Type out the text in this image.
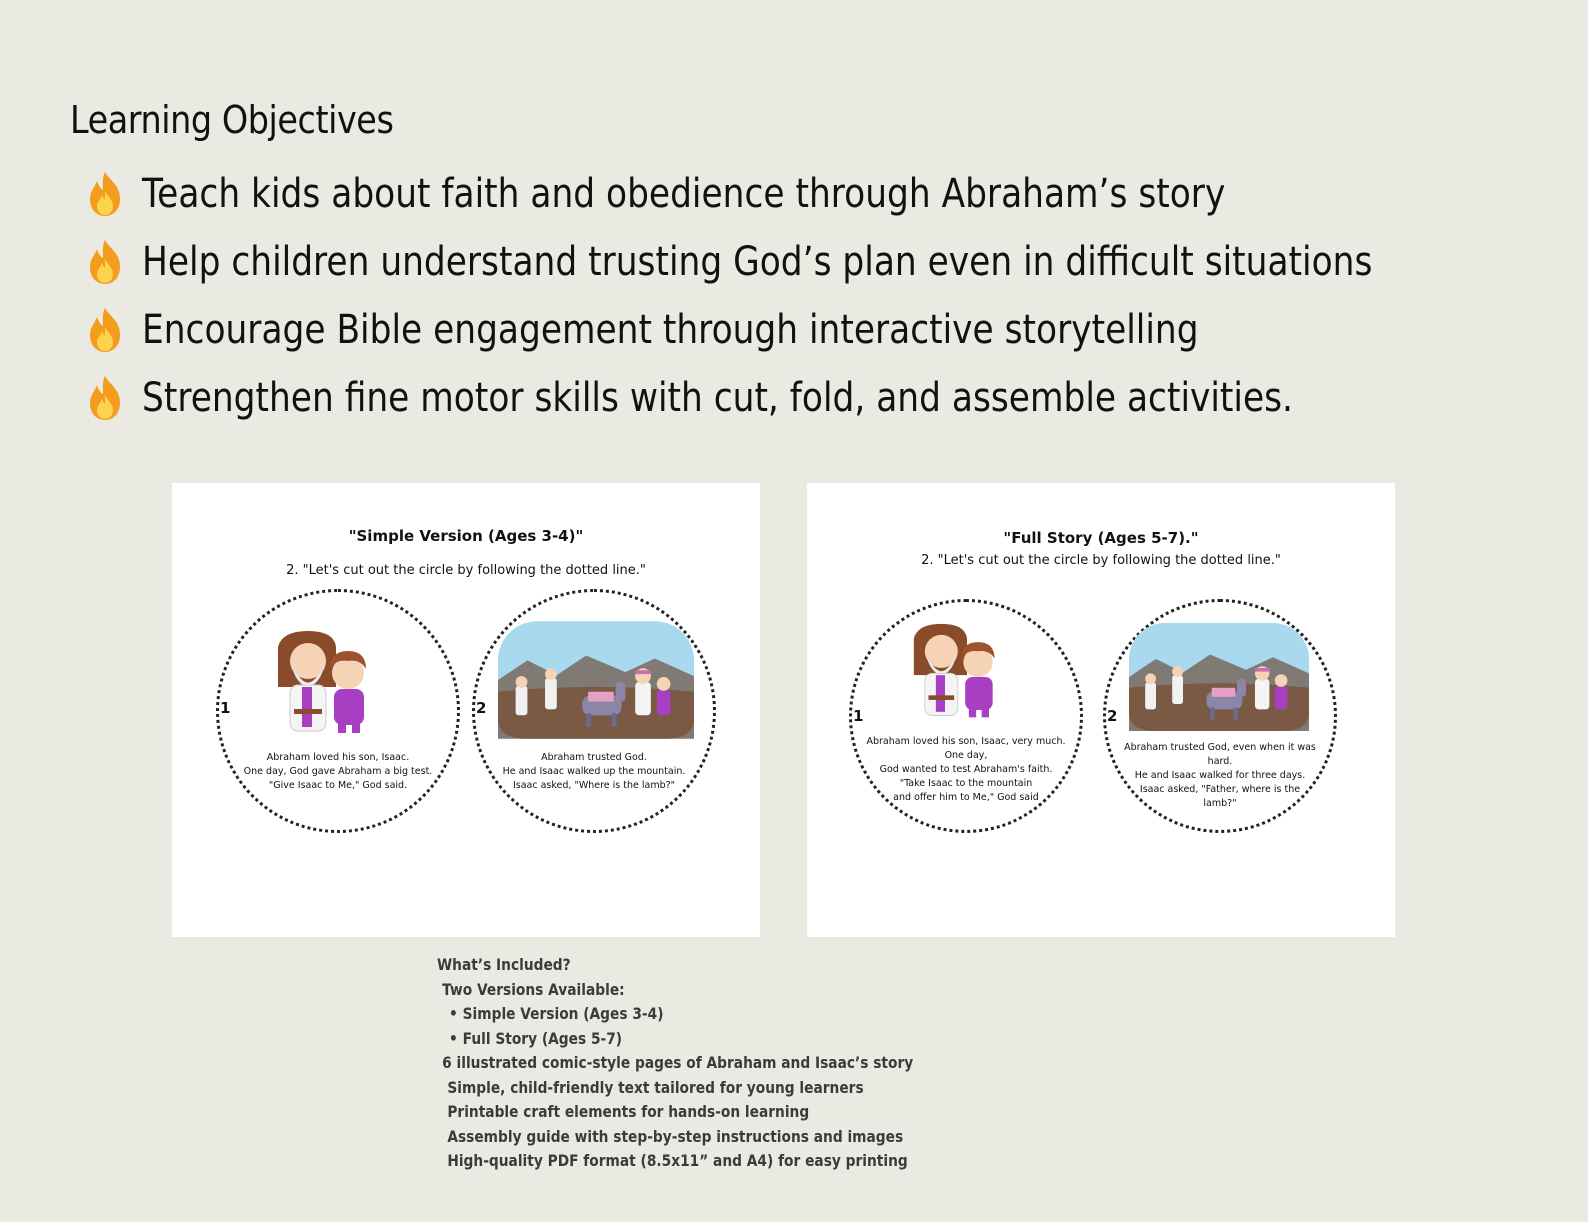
Learning Objectives
Teach kids about faith and obedience through Abraham’s story
Help children understand trusting God’s plan even in difficult situations
Encourage Bible engagement through interactive storytelling
Strengthen fine motor skills with cut, fold, and assemble activities.
"Simple Version (Ages 3-4)"
2. "Let's cut out the circle by following the dotted line."
1
Abraham loved his son, Isaac.
One day, God gave Abraham a big test.
"Give Isaac to Me," God said.
2
Abraham trusted God.
He and Isaac walked up the mountain.
Isaac asked, "Where is the lamb?"
"Full Story (Ages 5-7)."
2. "Let's cut out the circle by following the dotted line."
1
Abraham loved his son, Isaac, very much.
One day,
God wanted to test Abraham's faith.
"Take Isaac to the mountain
and offer him to Me," God said
2
Abraham trusted God, even when it was
hard.
He and Isaac walked for three days.
Isaac asked, "Father, where is the
lamb?"
What’s Included?
Two Versions Available:
• Simple Version (Ages 3-4)
• Full Story (Ages 5-7)
6 illustrated comic-style pages of Abraham and Isaac’s story
Simple, child-friendly text tailored for young learners
Printable craft elements for hands-on learning
Assembly guide with step-by-step instructions and images
High-quality PDF format (8.5x11” and A4) for easy printing
